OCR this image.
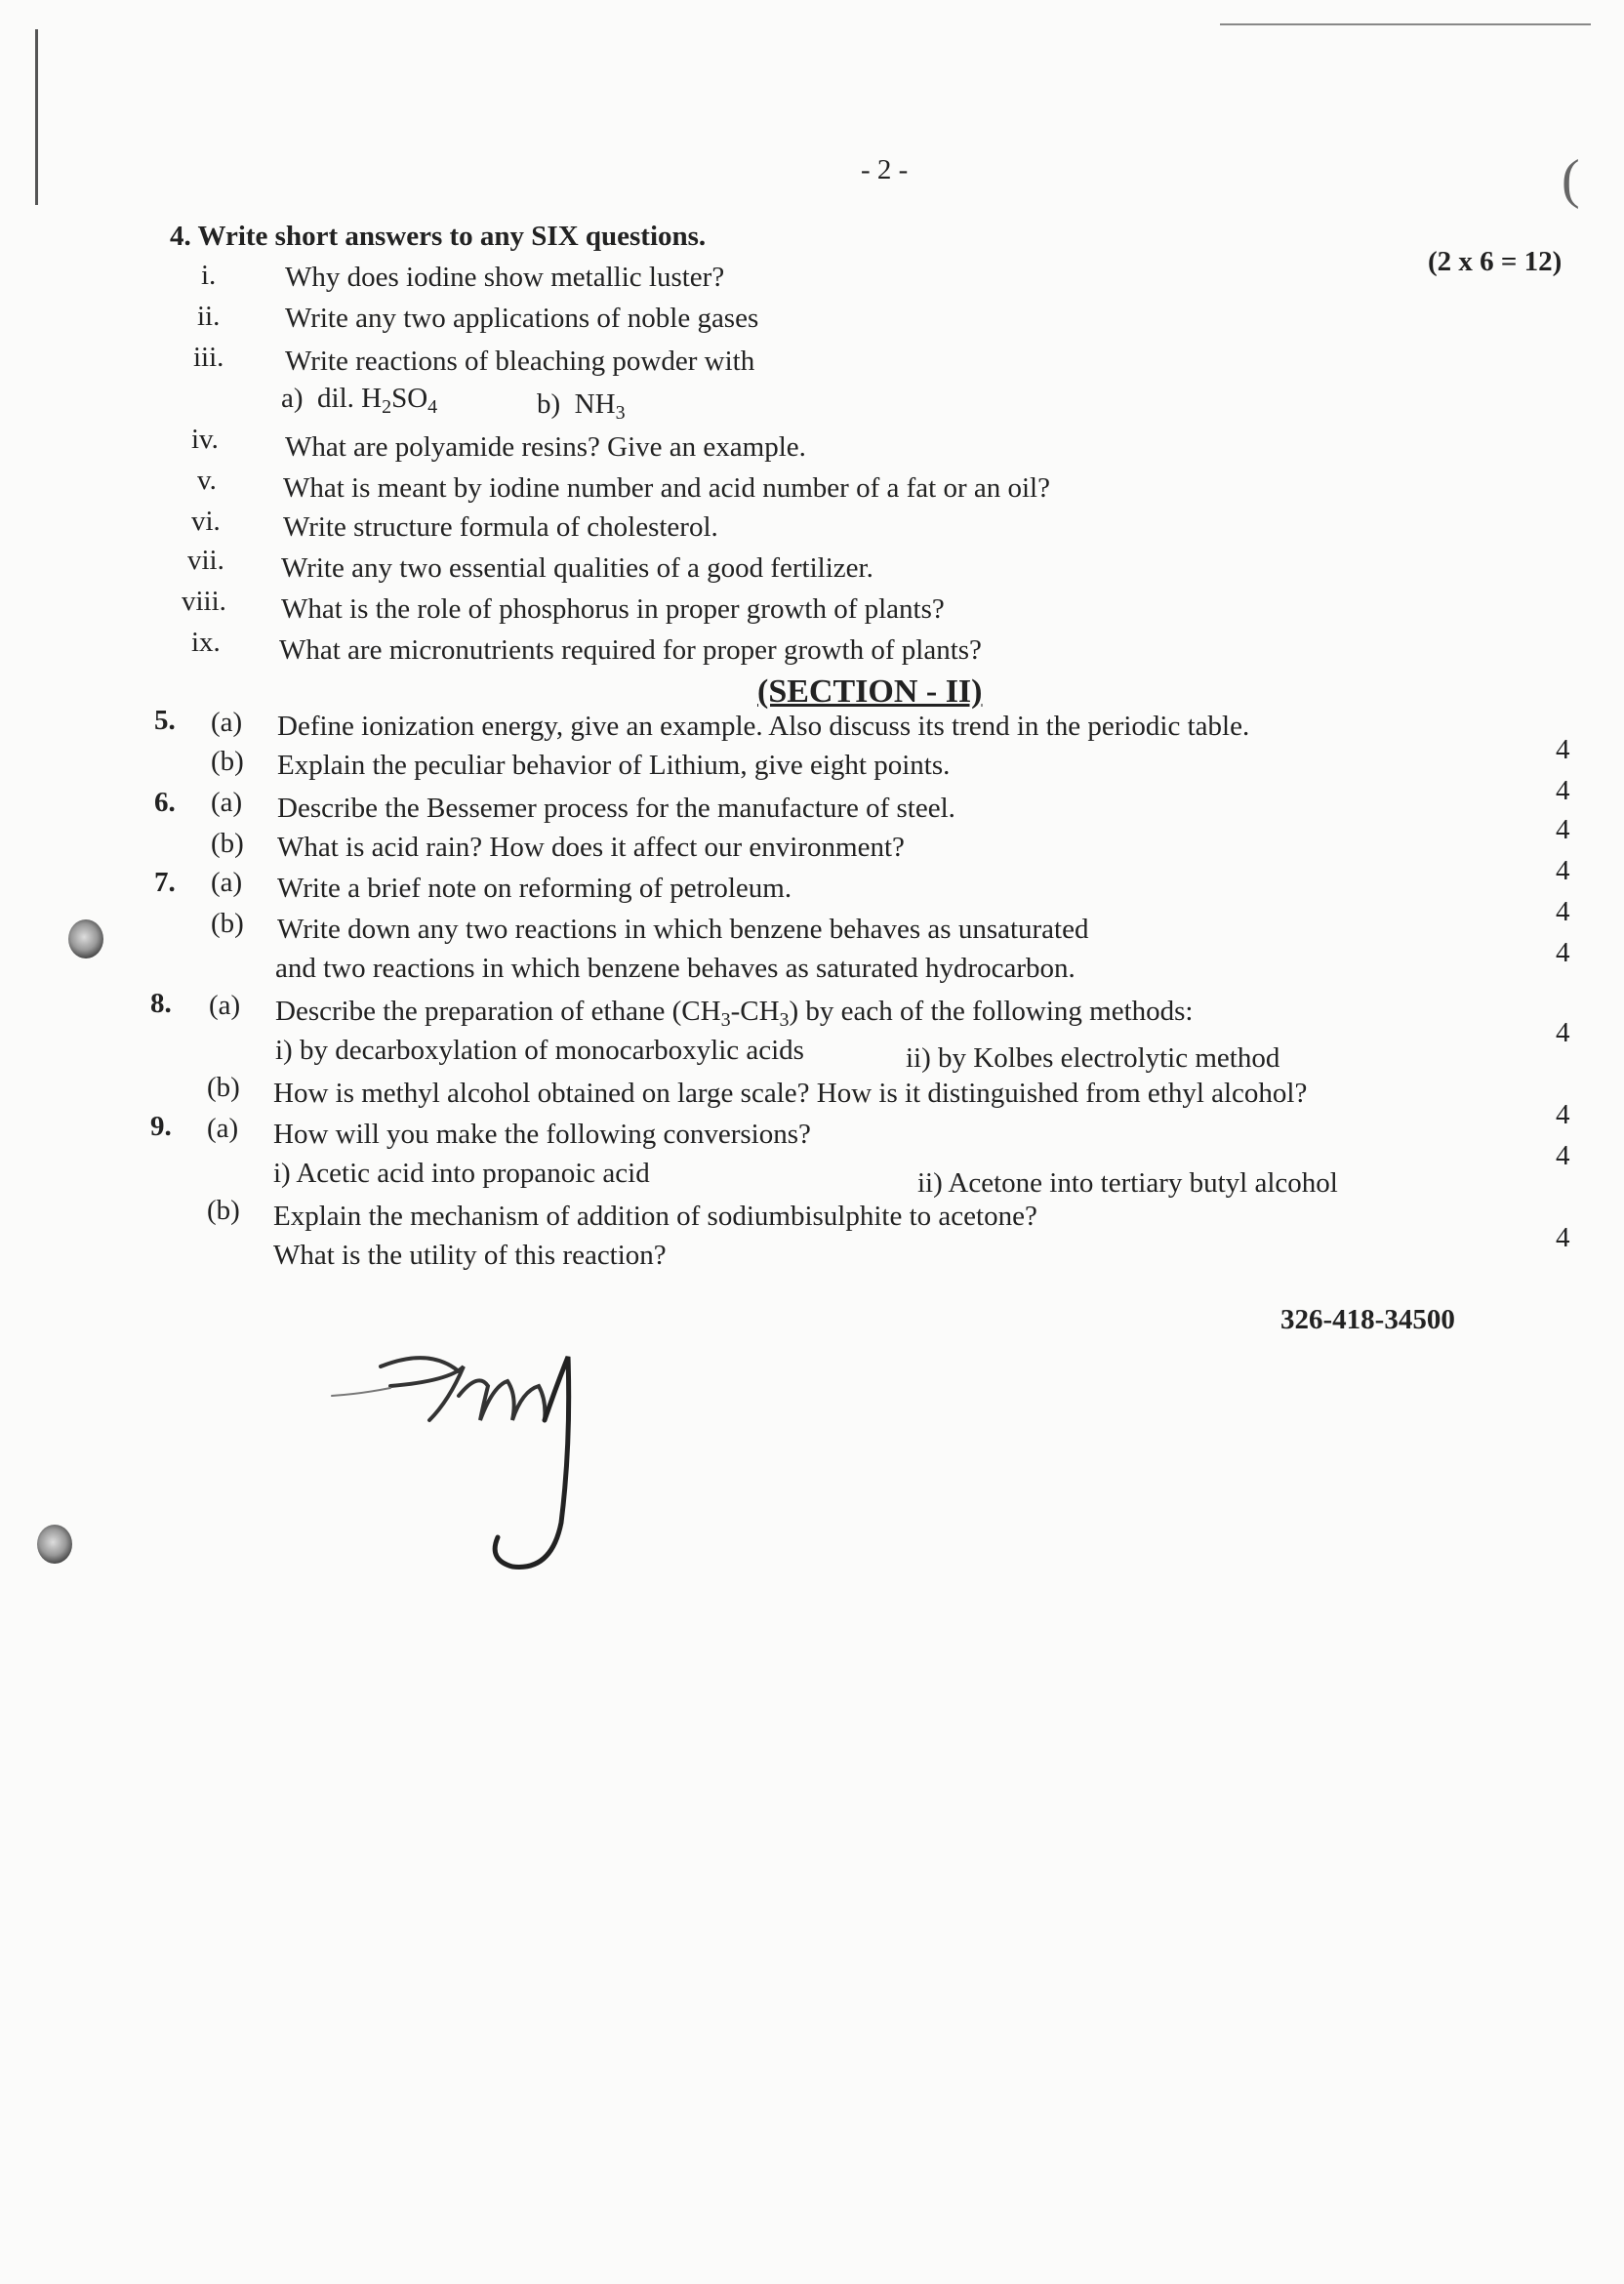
(
- 2 -
4. Write short answers to any SIX questions.
(2 x 6 = 12)
i. Why does iodine show metallic luster?
ii. Write any two applications of noble gases
iii. Write reactions of bleaching powder with
a) dil. $H_2SO_4$	b) $NH_3$
iv. What are polyamide resins? Give an example.
v. What is meant by iodine number and acid number of a fat or an oil?
vi. Write structure formula of cholesterol.
vii. Write any two essential qualities of a good fertilizer.
viii. What is the role of phosphorus in proper growth of plants?
ix. What are micronutrients required for proper growth of plants?
(SECTION - II)
5. (a) Define ionization energy, give an example. Also discuss its trend in the periodic table.
4
(b) Explain the peculiar behavior of Lithium, give eight points.
4
6. (a) Describe the Bessemer process for the manufacture of steel.
4
(b) What is acid rain? How does it affect our environment?
4
7. (a) Write a brief note on reforming of petroleum.
4
(b) Write down any two reactions in which benzene behaves as unsaturated
and two reactions in which benzene behaves as saturated hydrocarbon.	4
8. (a) Describe the preparation of ethane $(CH_3-CH_3)$ by each of the following methods:
4
i) by decarboxylation of monocarboxylic acids	ii) by Kolbes electrolytic method
(b) How is methyl alcohol obtained on large scale? How is it distinguished from ethyl alcohol?
4
9. (a) How will you make the following conversions?
4
i) Acetic acid into propanoic acid	ii) Acetone into tertiary butyl alcohol
(b) Explain the mechanism of addition of sodiumbisulphite to acetone?
What is the utility of this reaction?
4
326-418-34500
